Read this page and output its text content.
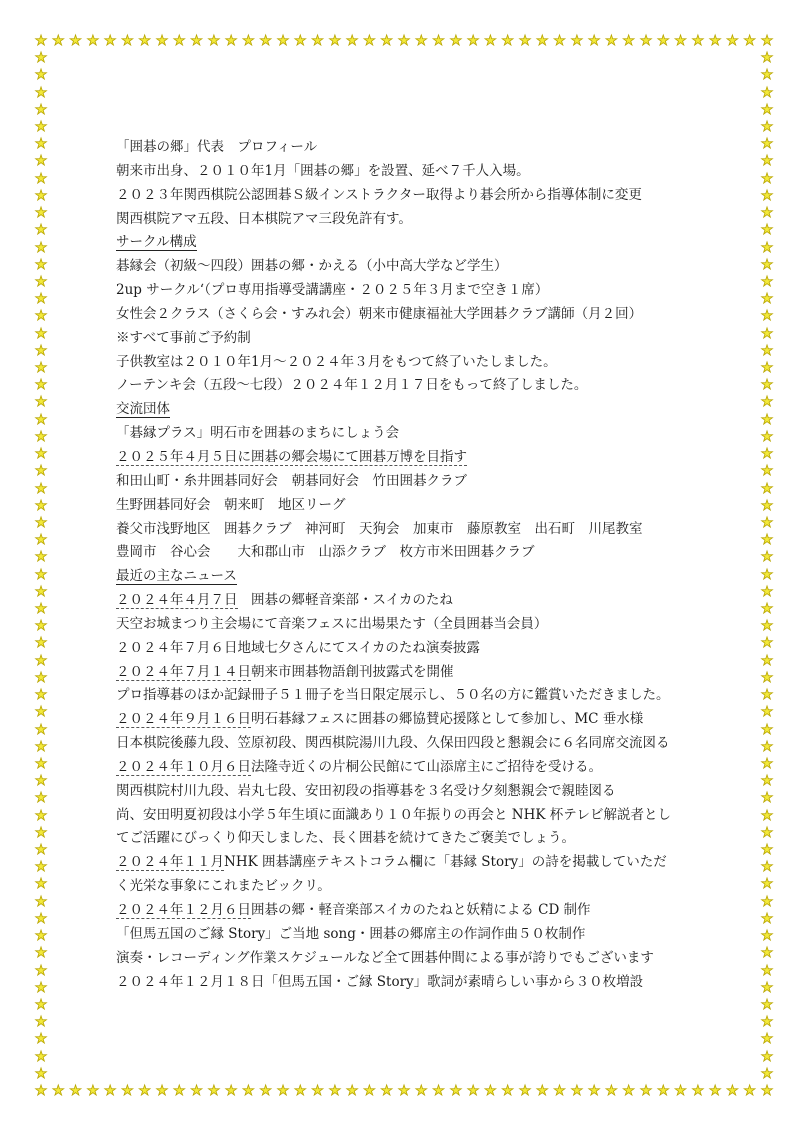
★
★
★
★
★
★
★
★
★
★
★
★
★
★
★
★
★
★
★
★
★
★
★
★
★
★
★
★
★
★
★
★
★
★
★
★
★
★
★
★
★
★
★
★
★
★
★
★
★
★
★
★
★
★
★
★
★
★
★
★
★
★
★
★
★
★
★
★
★
★
★
★
★
★
★
★
★
★
★
★
★
★
★
★
★
★
★	★
★	★
★	★
★	★
★	★
★	★
★	★
★	★
★	★
★	★
★	★
★	★
★	★
★	★
★	★
★	★
★	★
★	★
★	★
★	★
★	★
★	★
★	★
★	★
★	★
★	★
★	★
★	★
★	★
★	★
★	★
★	★
★	★
★	★
★	★
★	★
★	★
★	★
★	★
★	★
★	★
★	★
★	★
★	★
★	★
★	★
★	★
★	★
★	★
★	★
★	★
★	★
★	★
★	★
★	★
★	★
★	★
★	★
★	★
★	★
「囲碁の郷」代表　プロフィール
朝来市出身、２０１０年1月「囲碁の郷」を設置、延べ７千人入場。
２０２３年関西棋院公認囲碁Ｓ級インストラクター取得より碁会所から指導体制に変更
関西棋院アマ五段、日本棋院アマ三段免許有す。
サークル構成
碁縁会（初級～四段）囲碁の郷・かえる（小中高大学など学生）
2up サークル‘（プロ専用指導受講講座・２０２５年３月まで空き１席）
女性会２クラス（さくら会・すみれ会）朝来市健康福祉大学囲碁クラブ講師（月２回）
※すべて事前ご予約制
子供教室は２０１０年1月～２０２４年３月をもつて終了いたしました。
ノーテンキ会（五段～七段）２０２４年１２月１７日をもって終了しました。
交流団体
「碁縁プラス」明石市を囲碁のまちにしょう会
２０２５年４月５日に囲碁の郷会場にて囲碁万博を目指す
和田山町・糸井囲碁同好会　朝碁同好会　竹田囲碁クラブ
生野囲碁同好会　朝来町　地区リーグ
養父市浅野地区　囲碁クラブ　神河町　天狗会　加東市　藤原教室　出石町　川尾教室
豊岡市　谷心会　　大和郡山市　山添クラブ　枚方市米田囲碁クラブ
最近の主なニュース
２０２４年４月７日　囲碁の郷軽音楽部・スイカのたね
天空お城まつり主会場にて音楽フェスに出場果たす（全員囲碁当会員）
２０２４年７月６日地域七夕さんにてスイカのたね演奏披露
２０２４年７月１４日朝来市囲碁物語創刊披露式を開催
プロ指導碁のほか記録冊子５１冊子を当日限定展示し、５０名の方に鑑賞いただきました。
２０２４年９月１６日明石碁縁フェスに囲碁の郷協賛応援隊として参加し、MC 垂水様
日本棋院後藤九段、笠原初段、関西棋院湯川九段、久保田四段と懇親会に６名同席交流図る
２０２４年１０月６日法隆寺近くの片桐公民館にて山添席主にご招待を受ける。
関西棋院村川九段、岩丸七段、安田初段の指導碁を３名受け夕刻懇親会で親睦図る
尚、安田明夏初段は小学５年生頃に面識あり１０年振りの再会と NHK 杯テレビ解説者とし
てご活躍にびっくり仰天しました、長く囲碁を続けてきたご褒美でしょう。
２０２４年１１月NHK 囲碁講座テキストコラム欄に「碁縁 Story」の詩を掲載していただ
く光栄な事象にこれまたビックリ。
２０２４年１２月６日囲碁の郷・軽音楽部スイカのたねと妖精による CD 制作
「但馬五国のご縁 Story」ご当地 song・囲碁の郷席主の作詞作曲５０枚制作
演奏・レコーディング作業スケジュールなど全て囲碁仲間による事が誇りでもございます
２０２４年１２月１８日「但馬五国・ご縁 Story」歌詞が素晴らしい事から３０枚増設
